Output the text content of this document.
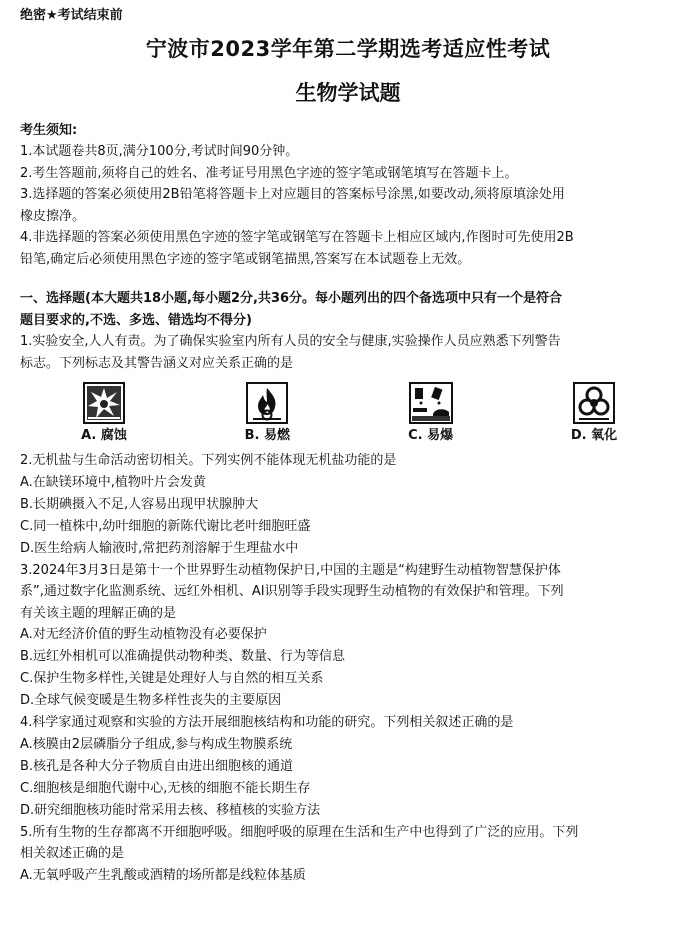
绝密★考试结束前
宁波市2023学年第二学期选考适应性考试
生物学试题
考生须知:

1.本试题卷共8页,满分100分,考试时间90分钟。

2.考生答题前,须将自己的姓名、准考证号用黑色字迹的签字笔或钢笔填写在答题卡上。

3.选择题的答案必须使用2B铅笔将答题卡上对应题目的答案标号涂黑,如要改动,须将原填涂处用

橡皮擦净。

4.非选择题的答案必须使用黑色字迹的签字笔或钢笔写在答题卡上相应区域内,作图时可先使用2B

铅笔,确定后必须使用黑色字迹的签字笔或钢笔描黑,答案写在本试题卷上无效。

一、选择题(本大题共18小题,每小题2分,共36分。每小题列出的四个备选项中只有一个是符合
题目要求的,不选、多选、错选均不得分)

1.实验安全,人人有责。为了确保实验室内所有人员的安全与健康,实验操作人员应熟悉下列警告

标志。下列标志及其警告涵义对应关系正确的是

A. 腐蚀	B. 易燃	C. 易爆	D. 氧化

2.无机盐与生命活动密切相关。下列实例不能体现无机盐功能的是

A.在缺镁环境中,植物叶片会发黄

B.长期碘摄入不足,人容易出现甲状腺肿大

C.同一植株中,幼叶细胞的新陈代谢比老叶细胞旺盛

D.医生给病人输液时,常把药剂溶解于生理盐水中

3.2024年3月3日是第十一个世界野生动植物保护日,中国的主题是“构建野生动植物智慧保护体

系”,通过数字化监测系统、远红外相机、AI识别等手段实现野生动植物的有效保护和管理。下列

有关该主题的理解正确的是

A.对无经济价值的野生动植物没有必要保护

B.远红外相机可以准确提供动物种类、数量、行为等信息

C.保护生物多样性,关键是处理好人与自然的相互关系

D.全球气候变暖是生物多样性丧失的主要原因

4.科学家通过观察和实验的方法开展细胞核结构和功能的研究。下列相关叙述正确的是

A.核膜由2层磷脂分子组成,参与构成生物膜系统

B.核孔是各种大分子物质自由进出细胞核的通道

C.细胞核是细胞代谢中心,无核的细胞不能长期生存

D.研究细胞核功能时常采用去核、移植核的实验方法

5.所有生物的生存都离不开细胞呼吸。细胞呼吸的原理在生活和生产中也得到了广泛的应用。下列

相关叙述正确的是

A.无氧呼吸产生乳酸或酒精的场所都是线粒体基质
